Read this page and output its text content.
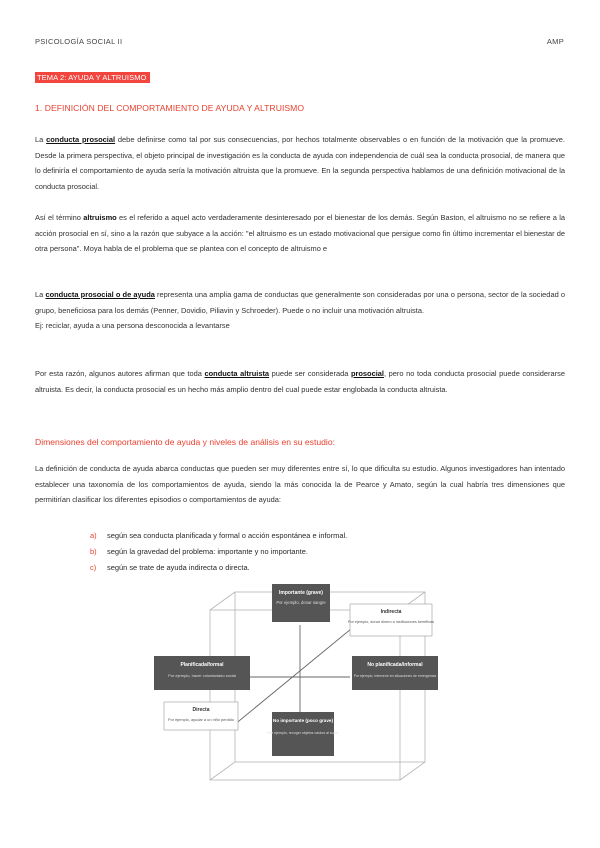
PSICOLOGÍA SOCIAL II	AMP
TEMA 2: AYUDA Y ALTRUISMO
1. DEFINICIÓN DEL COMPORTAMIENTO DE AYUDA Y ALTRUISMO
La conducta prosocial debe definirse como tal por sus consecuencias, por hechos totalmente observables o en función de la motivación que la promueve. Desde la primera perspectiva, el objeto principal de investigación es la conducta de ayuda con independencia de cuál sea la conducta prosocial, de manera que lo definiría el comportamiento de ayuda sería la motivación altruista que la promueve. En la segunda perspectiva hablamos de una definición motivacional de la conducta prosocial.
Así el término altruismo es el referido a aquel acto verdaderamente desinteresado por el bienestar de los demás. Según Baston, el altruismo no se refiere a la acción prosocial en sí, sino a la razón que subyace a la acción: "el altruismo es un estado motivacional que persigue como fin último incrementar el bienestar de otra persona". Moya habla de el problema que se plantea con el concepto de altruismo e
La conducta prosocial o de ayuda representa una amplia gama de conductas que generalmente son consideradas por una o persona, sector de la sociedad o grupo, beneficiosa para los demás (Penner, Dovidio, Piliavin y Schroeder). Puede o no incluir una motivación altruista.
Ej: reciclar, ayuda a una persona desconocida a levantarse
Por esta razón, algunos autores afirman que toda conducta altruista puede ser considerada prosocial, pero no toda conducta prosocial puede considerarse altruista. Es decir, la conducta prosocial es un hecho más amplio dentro del cual puede estar englobada la conducta altruista.
Dimensiones del comportamiento de ayuda y niveles de análisis en su estudio:
La definición de conducta de ayuda abarca conductas que pueden ser muy diferentes entre sí, lo que dificulta su estudio. Algunos investigadores han intentado establecer una taxonomía de los comportamientos de ayuda, siendo la más conocida la de Pearce y Amato, según la cual habría tres dimensiones que permitirían clasificar los diferentes episodios o comportamientos de ayuda:
a)	según sea conducta planificada y formal o acción espontánea e informal.
b)	según la gravedad del problema: importante y no importante.
c)	según se trate de ayuda indirecta o directa.
Importante (grave)
Por ejemplo, donar sangre
Indirecta
Por ejemplo, donar dinero a instituciones benéficas
Planificada/formal
Por ejemplo, hacer voluntariado social
No planificada/informal
Por ejemplo, intervenir en situaciones de emergencia
Directa
Por ejemplo, ayudar a un niño perdido	No importante (poco grave)
Por ejemplo, recoger objetos caídos al suelo
